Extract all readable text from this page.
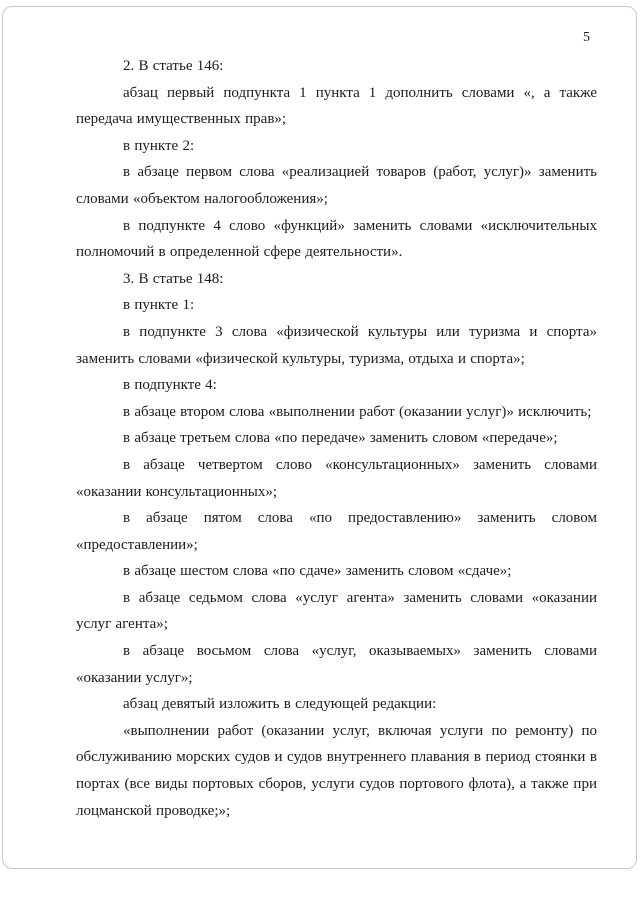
5

2. В статье 146:

абзац первый подпункта 1 пункта 1 дополнить словами «, а также передача имущественных прав»;

в пункте 2:

в абзаце первом слова «реализацией товаров (работ, услуг)» заменить словами «объектом налогообложения»;

в подпункте 4 слово «функций» заменить словами «исключительных полномочий в определенной сфере деятельности».

3. В статье 148:

в пункте 1:

в подпункте 3 слова «физической культуры или туризма и спорта» заменить словами «физической культуры, туризма, отдыха и спорта»;

в подпункте 4:

в абзаце втором слова «выполнении работ (оказании услуг)» исключить;

в абзаце третьем слова «по передаче» заменить словом «передаче»;

в абзаце четвертом слово «консультационных» заменить словами «оказании консультационных»;

в абзаце пятом слова «по предоставлению» заменить словом «предоставлении»;

в абзаце шестом слова «по сдаче» заменить словом «сдаче»;

в абзаце седьмом слова «услуг агента» заменить словами «оказании услуг агента»;

в абзаце восьмом слова «услуг, оказываемых» заменить словами «оказании услуг»;

абзац девятый изложить в следующей редакции:

«выполнении работ (оказании услуг, включая услуги по ремонту) по обслуживанию морских судов и судов внутреннего плавания в период стоянки в портах (все виды портовых сборов, услуги судов портового флота), а также при лоцманской проводке;»;
